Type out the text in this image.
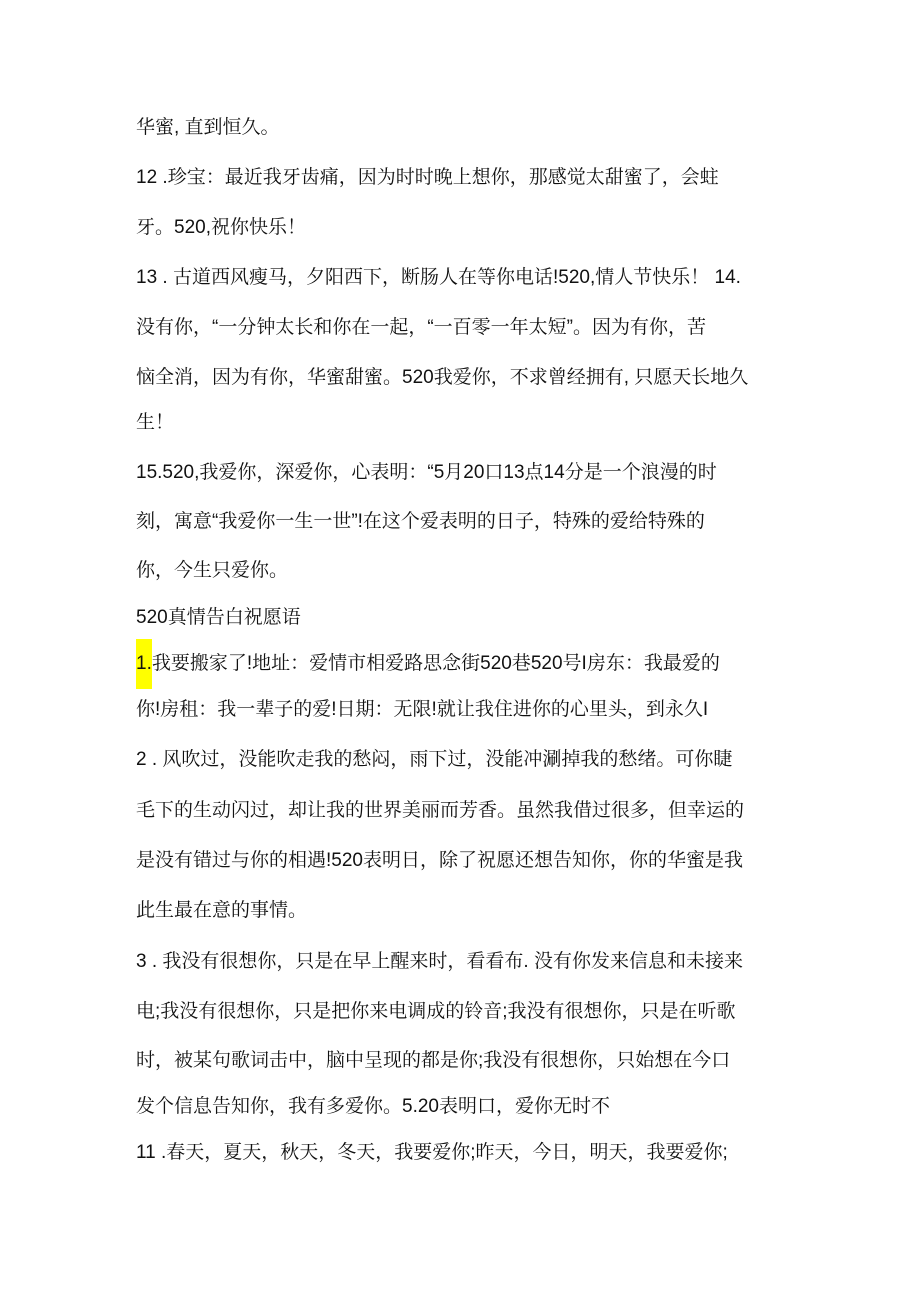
华蜜, 直到恒久。
12 .珍宝：最近我牙齿痛，因为时时晚上想你，那感觉太甜蜜了，会蛀
牙。520,祝你快乐！
13 . 古道西风瘦马，夕阳西下，断肠人在等你电话!520,情人节快乐！ 14.
没有你，“一分钟太长和你在一起，“一百零一年太短”。因为有你，苦
恼全消，因为有你，华蜜甜蜜。520我爱你，不求曾经拥有, 只愿天长地久
生！
15.520,我爱你，深爱你，心表明：“5月20口13点14分是一个浪漫的时
刻，寓意“我爱你一生一世”!在这个爱表明的日子，特殊的爱给特殊的
你，今生只爱你。
520真情告白祝愿语
1.我要搬家了!地址：爱情市相爱路思念街520巷520号I房东：我最爱的
你!房租：我一辈子的爱!日期：无限!就让我住进你的心里头，到永久I
2 . 风吹过，没能吹走我的愁闷，雨下过，没能冲涮掉我的愁绪。可你睫
毛下的生动闪过，却让我的世界美丽而芳香。虽然我借过很多，但幸运的
是没有错过与你的相遇!520表明日，除了祝愿还想告知你，你的华蜜是我
此生最在意的事情。
3 . 我没有很想你，只是在早上醒来时，看看布. 没有你发来信息和未接来
电;我没有很想你，只是把你来电调成的铃音;我没有很想你，只是在听歌
时，被某句歌词击中，脑中呈现的都是你;我没有很想你，只始想在今口
发个信息告知你，我有多爱你。5.20表明口，爱你无时不
11 .春天，夏天，秋天，冬天，我要爱你;昨天，今日，明天，我要爱你;
